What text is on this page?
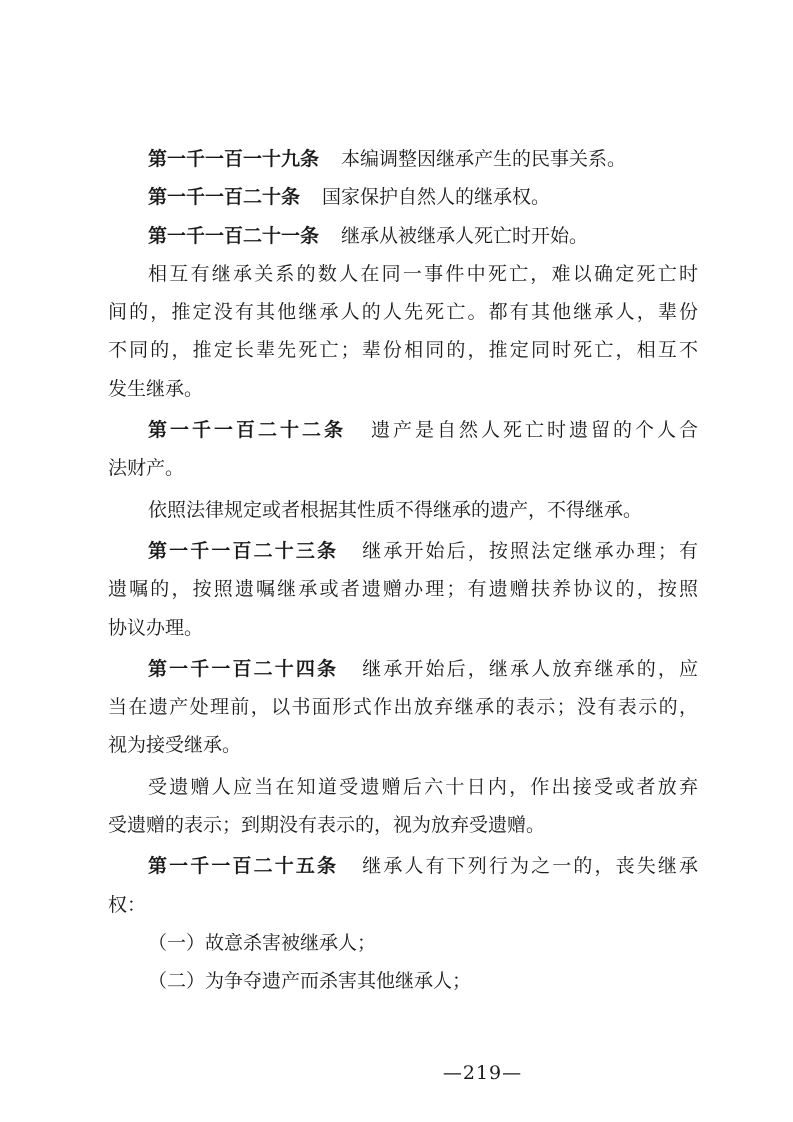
第一千一百一十九条 本编调整因继承产生的民事关系。
第一千一百二十条 国家保护自然人的继承权。
第一千一百二十一条 继承从被继承人死亡时开始。
相互有继承关系的数人在同一事件中死亡，难以确定死亡时
间的，推定没有其他继承人的人先死亡。都有其他继承人，辈份
不同的，推定长辈先死亡；辈份相同的，推定同时死亡，相互不
发生继承。
第一千一百二十二条 遗产是自然人死亡时遗留的个人合
法财产。
依照法律规定或者根据其性质不得继承的遗产，不得继承。
第一千一百二十三条 继承开始后，按照法定继承办理；有
遗嘱的，按照遗嘱继承或者遗赠办理；有遗赠扶养协议的，按照
协议办理。
第一千一百二十四条 继承开始后，继承人放弃继承的，应
当在遗产处理前，以书面形式作出放弃继承的表示；没有表示的，
视为接受继承。
受遗赠人应当在知道受遗赠后六十日内，作出接受或者放弃
受遗赠的表示；到期没有表示的，视为放弃受遗赠。
第一千一百二十五条 继承人有下列行为之一的，丧失继承
权：
（一）故意杀害被继承人；
（二）为争夺遗产而杀害其他继承人；
—219—
